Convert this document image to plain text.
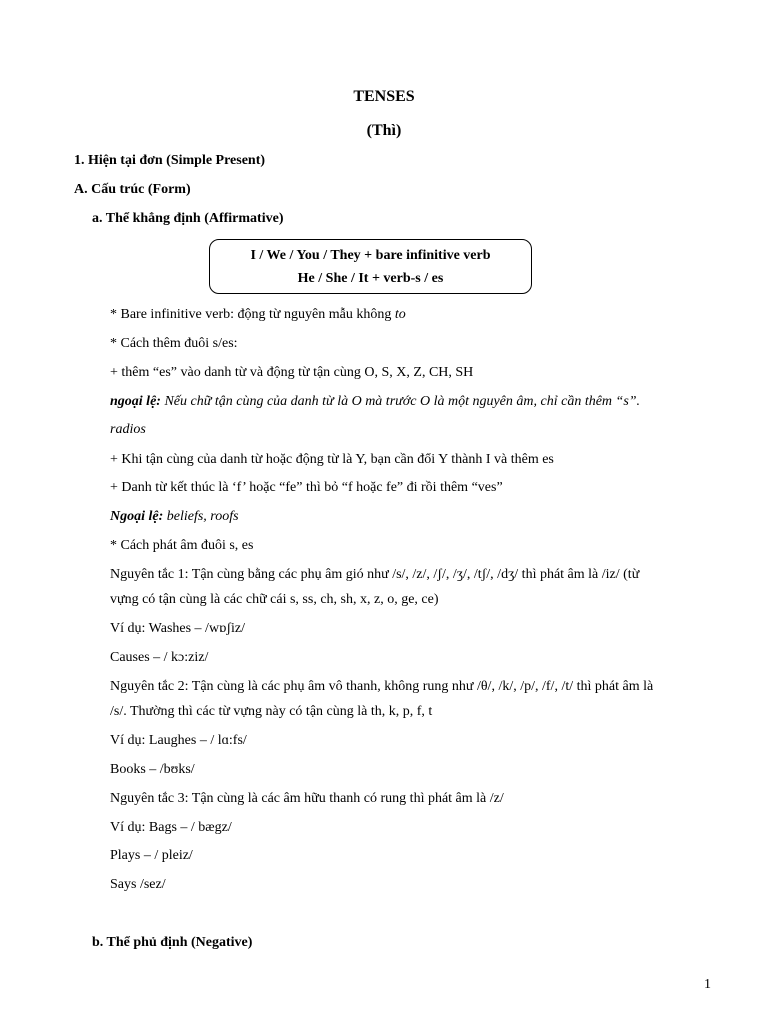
TENSES
(Thì)
1. Hiện tại đơn (Simple Present)
A. Cấu trúc (Form)
a. Thể khẳng định (Affirmative)
I / We / You / They + bare infinitive verb
He / She / It + verb-s / es
* Bare infinitive verb: động từ nguyên mẫu không to
* Cách thêm đuôi s/es:
+ thêm “es” vào danh từ và động từ tận cùng O, S, X, Z, CH, SH
ngoại lệ: Nếu chữ tận cùng của danh từ là O mà trước O là một nguyên âm, chỉ cần thêm “s”.
radios
+ Khi tận cùng của danh từ hoặc động từ là Y, bạn cần đổi Y thành I và thêm es
+ Danh từ kết thúc là ‘f’ hoặc “fe” thì bỏ “f hoặc fe” đi rồi thêm “ves”
Ngoại lệ: beliefs, roofs
* Cách phát âm đuôi s, es
Nguyên tắc 1: Tận cùng bằng các phụ âm gió như /s/, /z/, /ʃ/, /ʒ/, /tʃ/, /dʒ/ thì phát âm là /iz/ (từ
vựng có tận cùng là các chữ cái s, ss, ch, sh, x, z, o, ge, ce)
Ví dụ: Washes – /wɒʃiz/
Causes – / kɔ:ziz/
Nguyên tắc 2: Tận cùng là các phụ âm vô thanh, không rung như /θ/, /k/, /p/, /f/, /t/ thì phát âm là
/s/. Thường thì các từ vựng này có tận cùng là th, k, p, f, t
Ví dụ: Laughes – / lɑ:fs/
Books – /bʊks/
Nguyên tắc 3: Tận cùng là các âm hữu thanh có rung thì phát âm là /z/
Ví dụ: Bags – / bægz/
Plays – / pleiz/
Says /sez/
b. Thể phủ định (Negative)
1
